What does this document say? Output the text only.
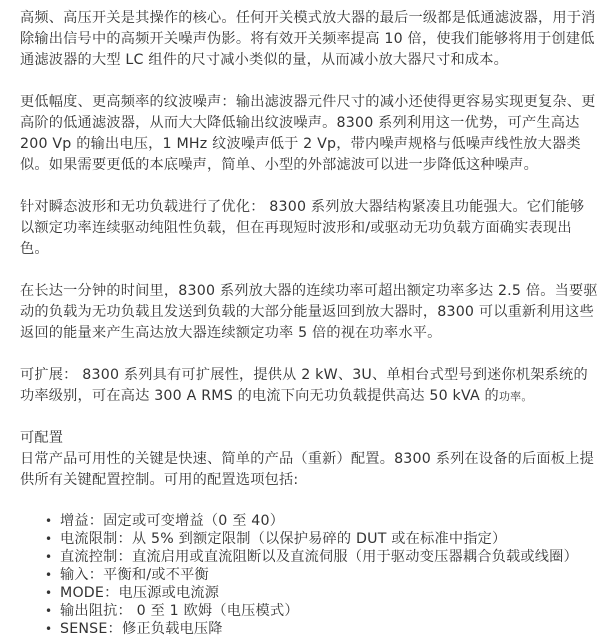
高频、高压开关是其操作的核心。任何开关模式放大器的最后一级都是低通滤波器，用于消除输出信号中的高频开关噪声伪影。将有效开关频率提高 10 倍，使我们能够将用于创建低通滤波器的大型 LC 组件的尺寸减小类似的量，从而减小放大器尺寸和成本。

更低幅度、更高频率的纹波噪声：输出滤波器元件尺寸的减小还使得更容易实现更复杂、更高阶的低通滤波器，从而大大降低输出纹波噪声。8300 系列利用这一优势，可产生高达 200 Vp 的输出电压，1 MHz 纹波噪声低于 2 Vp，带内噪声规格与低噪声线性放大器类似。如果需要更低的本底噪声，简单、小型的外部滤波可以进一步降低这种噪声。

针对瞬态波形和无功负载进行了优化： 8300 系列放大器结构紧凑且功能强大。它们能够以额定功率连续驱动纯阻性负载，但在再现短时波形和/或驱动无功负载方面确实表现出色。

在长达一分钟的时间里，8300 系列放大器的连续功率可超出额定功率多达 2.5 倍。当要驱动的负载为无功负载且发送到负载的大部分能量返回到放大器时，8300 可以重新利用这些返回的能量来产生高达放大器连续额定功率 5 倍的视在功率水平。

可扩展： 8300 系列具有可扩展性，提供从 2 kW、3U、单相台式型号到迷你机架系统的功率级别，可在高达 300 A RMS 的电流下向无功负载提供高达 50 kVA 的功率。

可配置

日常产品可用性的关键是快速、简单的产品（重新）配置。8300 系列在设备的后面板上提供所有关键配置控制。可用的配置选项包括:

• 增益：固定或可变增益（0 至 40）
• 电流限制：从 5% 到额定限制（以保护易碎的 DUT 或在标准中指定）
• 直流控制：直流启用或直流阻断以及直流伺服（用于驱动变压器耦合负载或线圈）
• 输入：平衡和/或不平衡
• MODE：电压源或电流源
• 输出阻抗： 0 至 1 欧姆（电压模式）
• SENSE：修正负载电压降
